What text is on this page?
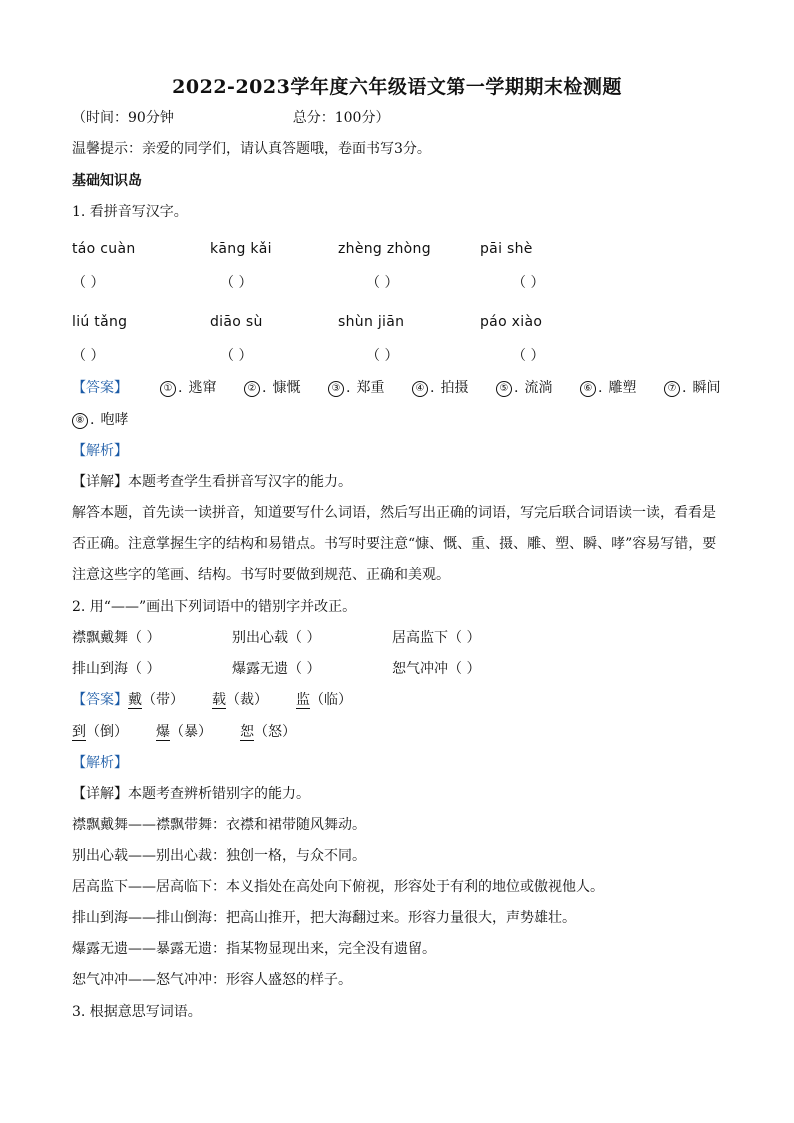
2022-2023学年度六年级语文第一学期期末检测题
（时间：90分钟	总分：100分）
温馨提示：亲爱的同学们，请认真答题哦，卷面书写3分。
基础知识岛
1. 看拼音写汉字。
táo cuàn	kāng kǎi	zhèng zhòng	pāi shè
（ ）	（ ）	（ ）	（ ）
liú tǎng	diāo sù	shùn jiān	páo xiào
（ ）	（ ）	（ ）	（ ）
【答案】	① . 逃窜	② . 慷慨	③ . 郑重	④ . 拍摄	⑤ . 流淌	⑥ . 雕塑	⑦ . 瞬间
⑧ . 咆哮
【解析】
【详解】本题考查学生看拼音写汉字的能力。
解答本题，首先读一读拼音，知道要写什么词语，然后写出正确的词语，写完后联合词语读一读，看看是否正确。注意掌握生字的结构和易错点。书写时要注意“慷、慨、重、摄、雕、塑、瞬、哮”容易写错，要注意这些字的笔画、结构。书写时要做到规范、正确和美观。
2. 用“——”画出下列词语中的错别字并改正。
襟飘戴舞（ ）	别出心载（ ）	居高监下（ ）
排山到海（ ）	爆露无遗（ ）	恕气冲冲（ ）
【答案】 戴（带） 载（裁） 监（临）
到（倒） 爆（暴） 恕（怒）
【解析】
【详解】本题考查辨析错别字的能力。
襟飘戴舞——襟飘带舞：衣襟和裙带随风舞动。
别出心载——别出心裁：独创一格，与众不同。
居高监下——居高临下：本义指处在高处向下俯视，形容处于有利的地位或傲视他人。
排山到海——排山倒海：把高山推开，把大海翻过来。形容力量很大，声势雄壮。
爆露无遗——暴露无遗：指某物显现出来，完全没有遗留。
恕气冲冲——怒气冲冲：形容人盛怒的样子。
3. 根据意思写词语。
